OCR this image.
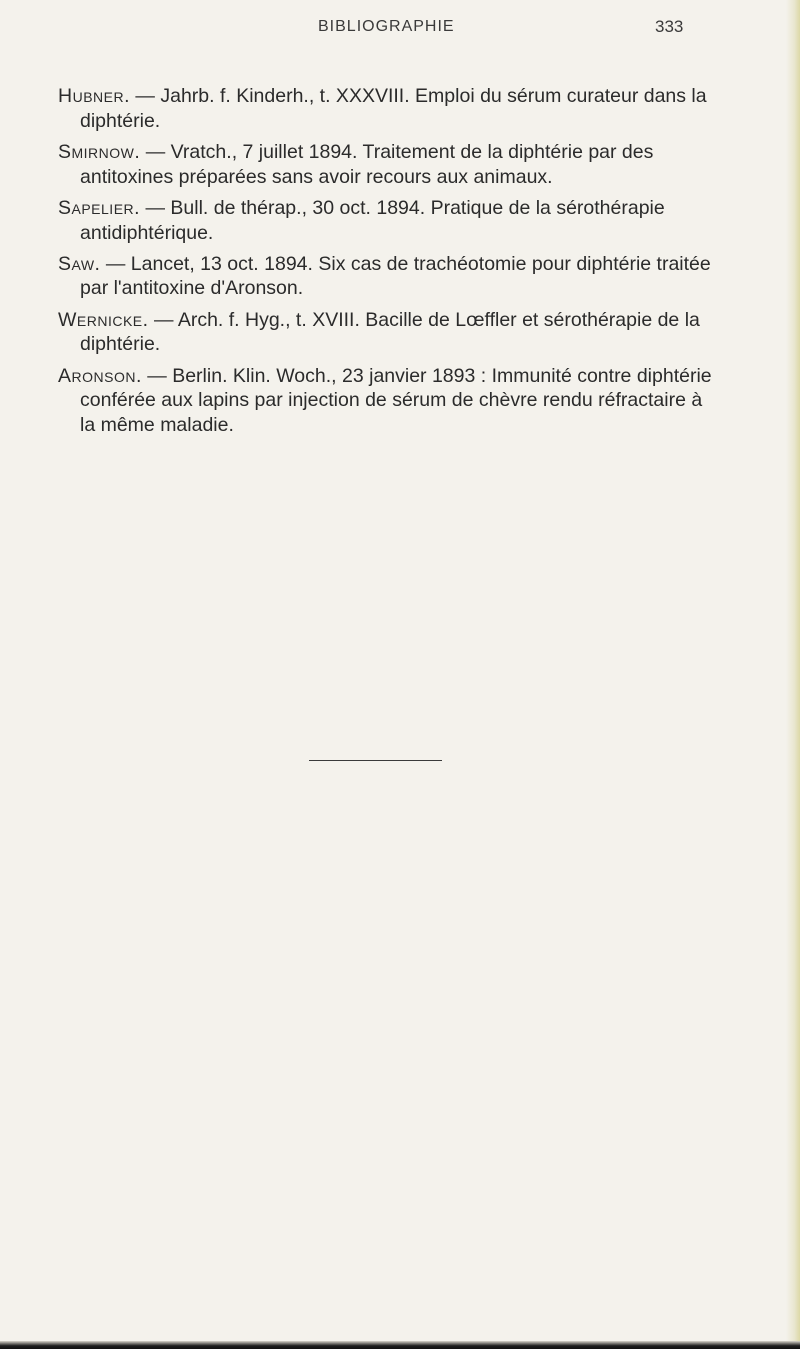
BIBLIOGRAPHIE	333

Hubner. — Jahrb. f. Kinderh., t. XXXVIII. Emploi du sérum curateur dans la diphtérie.

Smirnow. — Vratch., 7 juillet 1894. Traitement de la diphtérie par des antitoxines préparées sans avoir recours aux animaux.

Sapelier. — Bull. de thérap., 30 oct. 1894. Pratique de la sérothérapie antidiphtérique.

Saw. — Lancet, 13 oct. 1894. Six cas de trachéotomie pour diphtérie traitée par l'antitoxine d'Aronson.

Wernicke. — Arch. f. Hyg., t. XVIII. Bacille de Lœffler et sérothérapie de la diphtérie.

Aronson. — Berlin. Klin. Woch., 23 janvier 1893 : Immunité contre diphtérie conférée aux lapins par injection de sérum de chèvre rendu réfractaire à la même maladie.
